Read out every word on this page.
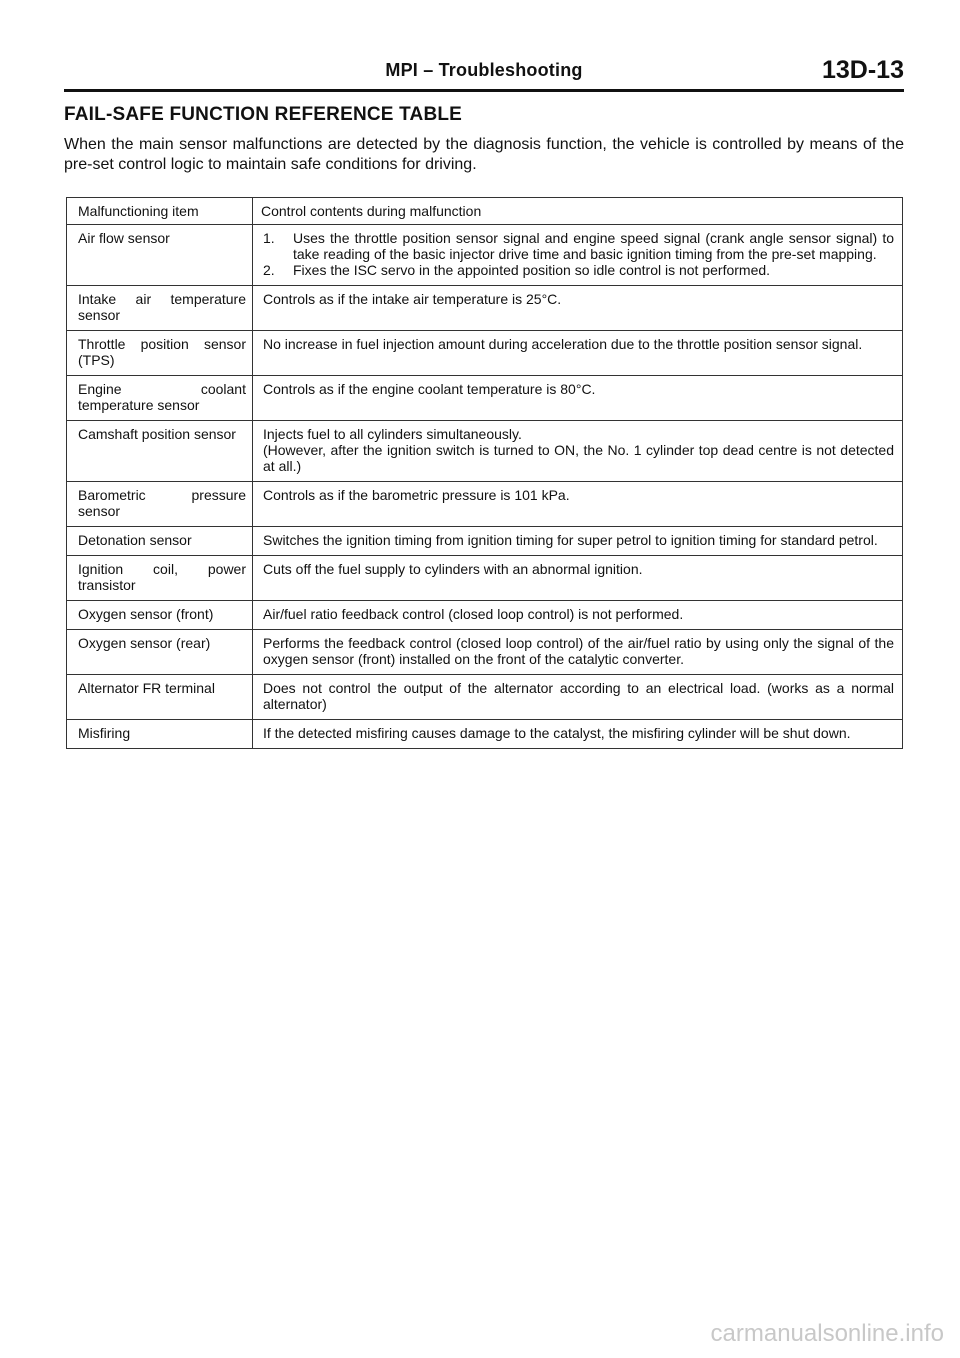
MPI – Troubleshooting	13D-13
FAIL-SAFE FUNCTION REFERENCE TABLE
When the main sensor malfunctions are detected by the diagnosis function, the vehicle is controlled by means of the pre-set control logic to maintain safe conditions for driving.
Malfunctioning item	Control contents during malfunction
Air flow sensor	1. Uses the throttle position sensor signal and engine speed signal (crank angle sensor signal) to take reading of the basic injector drive time and basic ignition timing from the pre-set mapping.
2. Fixes the ISC servo in the appointed position so idle control is not performed.

Intake air temperature sensor	Controls as if the intake air temperature is 25°C.

Throttle position sensor (TPS)	No increase in fuel injection amount during acceleration due to the throttle position sensor signal.

Engine coolant temperature sensor	Controls as if the engine coolant temperature is 80°C.

Camshaft position sensor	Injects fuel to all cylinders simultaneously.
(However, after the ignition switch is turned to ON, the No. 1 cylinder top dead centre is not detected at all.)

Barometric pressure sensor	Controls as if the barometric pressure is 101 kPa.

Detonation sensor	Switches the ignition timing from ignition timing for super petrol to ignition timing for standard petrol.

Ignition coil, power transistor	Cuts off the fuel supply to cylinders with an abnormal ignition.

Oxygen sensor (front)	Air/fuel ratio feedback control (closed loop control) is not performed.

Oxygen sensor (rear)	Performs the feedback control (closed loop control) of the air/fuel ratio by using only the signal of the oxygen sensor (front) installed on the front of the catalytic converter.

Alternator FR terminal	Does not control the output of the alternator according to an electrical load. (works as a normal alternator)

Misfiring	If the detected misfiring causes damage to the catalyst, the misfiring cylinder will be shut down.
carmanualsonline.info
